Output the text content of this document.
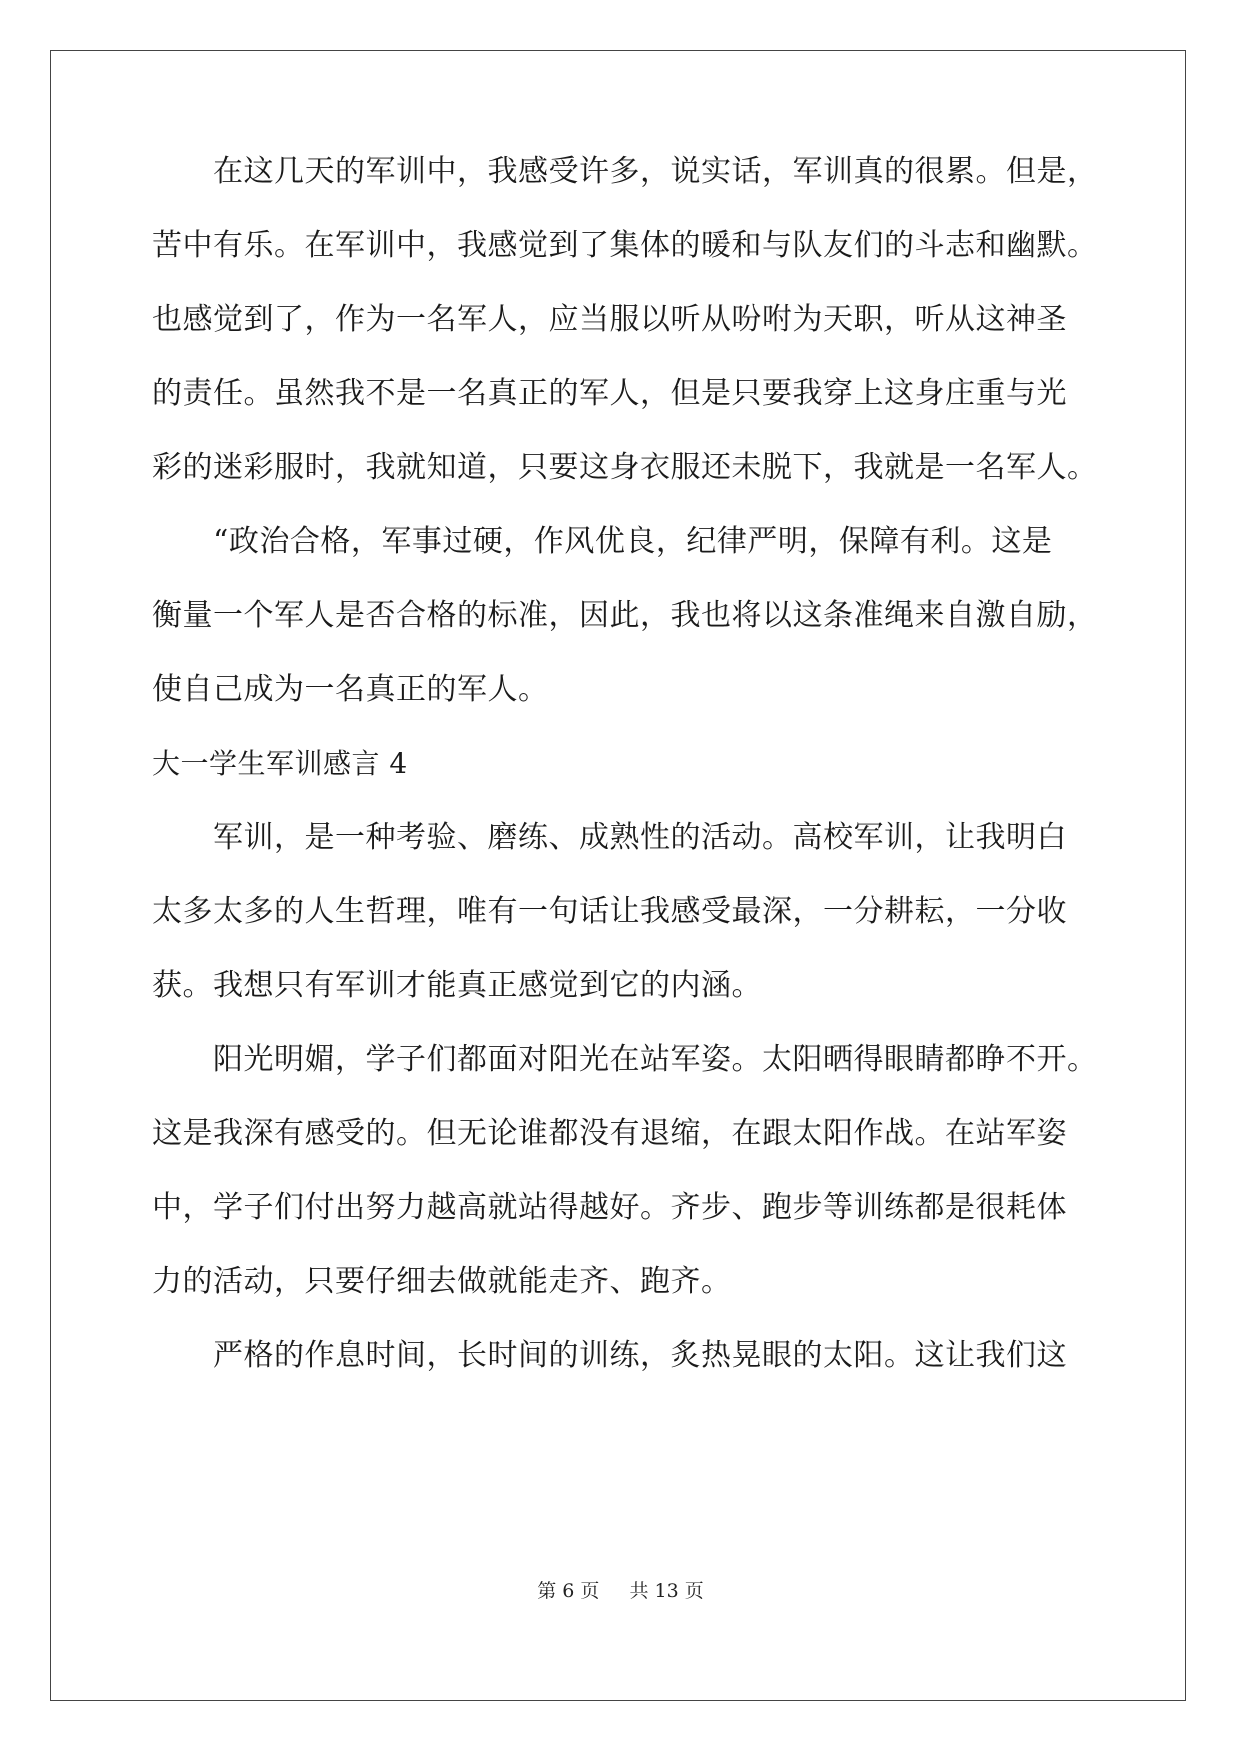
在这几天的军训中，我感受许多，说实话，军训真的很累。但是，
苦中有乐。在军训中，我感觉到了集体的暖和与队友们的斗志和幽默。
也感觉到了，作为一名军人，应当服以听从吩咐为天职，听从这神圣
的责任。虽然我不是一名真正的军人，但是只要我穿上这身庄重与光
彩的迷彩服时，我就知道，只要这身衣服还未脱下，我就是一名军人。
“政治合格，军事过硬，作风优良，纪律严明，保障有利。这是
衡量一个军人是否合格的标准，因此，我也将以这条准绳来自激自励，
使自己成为一名真正的军人。
大一学生军训感言 4
军训，是一种考验、磨练、成熟性的活动。高校军训，让我明白
太多太多的人生哲理，唯有一句话让我感受最深，一分耕耘，一分收
获。我想只有军训才能真正感觉到它的内涵。
阳光明媚，学子们都面对阳光在站军姿。太阳晒得眼睛都睁不开。
这是我深有感受的。但无论谁都没有退缩，在跟太阳作战。在站军姿
中，学子们付出努力越高就站得越好。齐步、跑步等训练都是很耗体
力的活动，只要仔细去做就能走齐、跑齐。
严格的作息时间，长时间的训练，炙热晃眼的太阳。这让我们这
第 6 页 共 13 页
